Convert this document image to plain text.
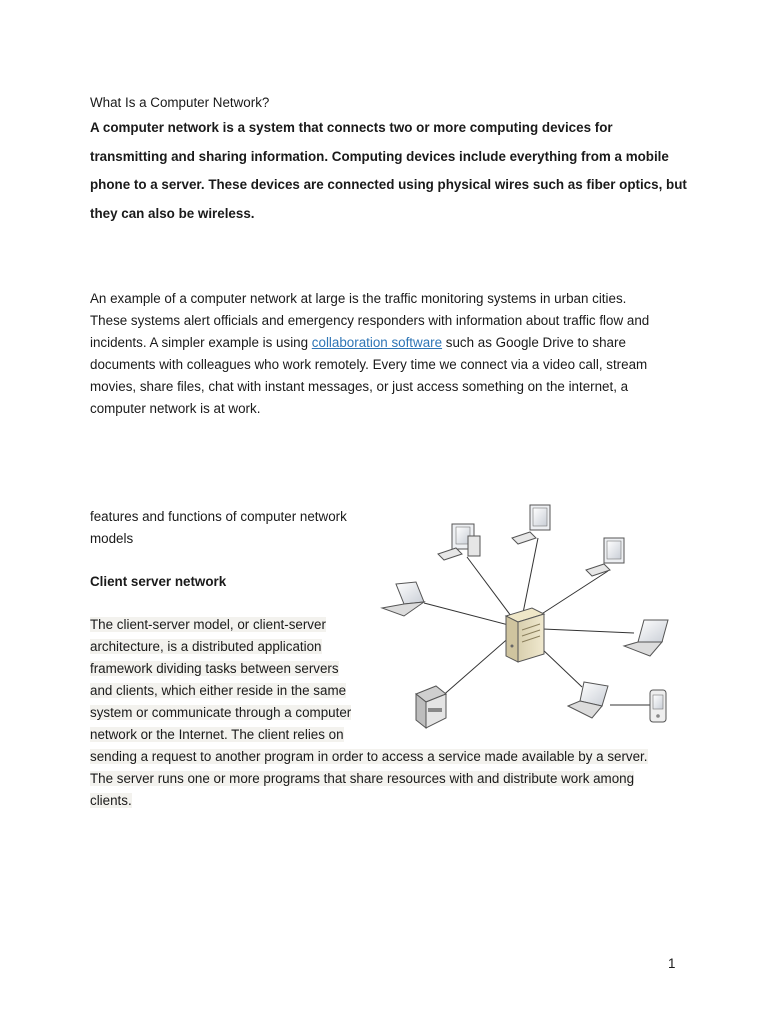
What Is a Computer Network?

A computer network is a system that connects two or more computing devices for
transmitting and sharing information. Computing devices include everything from a mobile
phone to a server. These devices are connected using physical wires such as fiber optics, but
they can also be wireless.
An example of a computer network at large is the traffic monitoring systems in urban cities.
These systems alert officials and emergency responders with information about traffic flow and
incidents. A simpler example is using collaboration software such as Google Drive to share
documents with colleagues who work remotely. Every time we connect via a video call, stream
movies, share files, chat with instant messages, or just access something on the internet, a
computer network is at work.
features and functions of computer network
models

Client server network

The client-server model, or client-server
architecture, is a distributed application
framework dividing tasks between servers
and clients, which either reside in the same
system or communicate through a computer
network or the Internet. The client relies on
sending a request to another program in order to access a service made available by a server.
The server runs one or more programs that share resources with and distribute work among
clients.

1
